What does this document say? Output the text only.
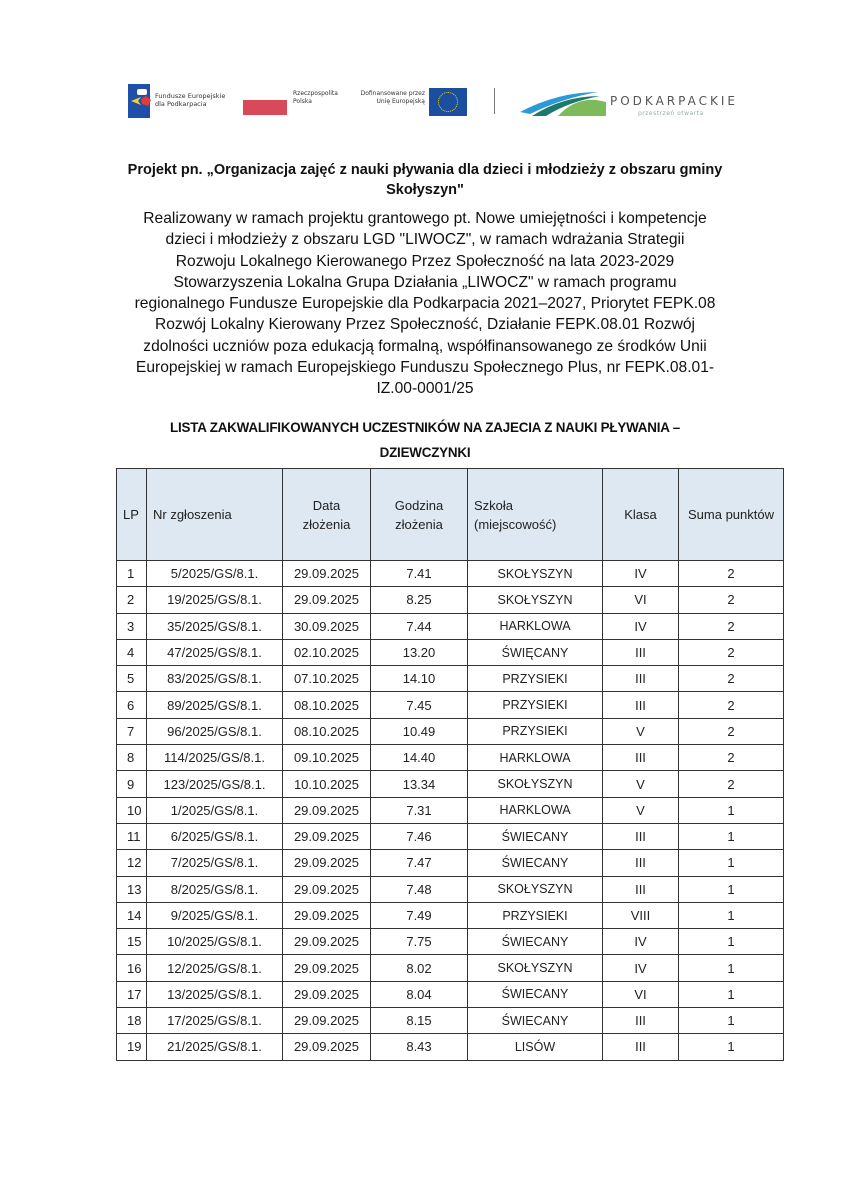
Fundusze Europejskie
dla Podkarpacia
Rzeczpospolita
Polska
Dofinansowane przez
Unię Europejską	PODKARPACKIE
przestrzeń otwarta
Projekt pn. „Organizacja zajęć z nauki pływania dla dzieci i młodzieży z obszaru gminy Skołyszyn"
Realizowany w ramach projektu grantowego pt. Nowe umiejętności i kompetencje
dzieci i młodzieży z obszaru LGD "LIWOCZ", w ramach wdrażania Strategii
Rozwoju Lokalnego Kierowanego Przez Społeczność na lata 2023-2029
Stowarzyszenia Lokalna Grupa Działania „LIWOCZ" w ramach programu
regionalnego Fundusze Europejskie dla Podkarpacia 2021–2027, Priorytet FEPK.08
Rozwój Lokalny Kierowany Przez Społeczność, Działanie FEPK.08.01 Rozwój
zdolności uczniów poza edukacją formalną, współfinansowanego ze środków Unii
Europejskiej w ramach Europejskiego Funduszu Społecznego Plus, nr FEPK.08.01-
IZ.00-0001/25
LISTA ZAKWALIFIKOWANYCH UCZESTNIKÓW NA ZAJECIA Z NAUKI PŁYWANIA –
DZIEWCZYNKI
LP	Nr zgłoszenia	Data złożenia	Godzina złożenia	Szkoła (miejscowość)	Klasa	Suma punktów
1	5/2025/GS/8.1.	29.09.2025	7.41	SKOŁYSZYN	IV	2
2	19/2025/GS/8.1.	29.09.2025	8.25	SKOŁYSZYN	VI	2
3	35/2025/GS/8.1.	30.09.2025	7.44	HARKLOWA	IV	2
4	47/2025/GS/8.1.	02.10.2025	13.20	ŚWIĘCANY	III	2
5	83/2025/GS/8.1.	07.10.2025	14.10	PRZYSIEKI	III	2
6	89/2025/GS/8.1.	08.10.2025	7.45	PRZYSIEKI	III	2
7	96/2025/GS/8.1.	08.10.2025	10.49	PRZYSIEKI	V	2
8	114/2025/GS/8.1.	09.10.2025	14.40	HARKLOWA	III	2
9	123/2025/GS/8.1.	10.10.2025	13.34	SKOŁYSZYN	V	2
10	1/2025/GS/8.1.	29.09.2025	7.31	HARKLOWA	V	1
11	6/2025/GS/8.1.	29.09.2025	7.46	ŚWIECANY	III	1
12	7/2025/GS/8.1.	29.09.2025	7.47	ŚWIECANY	III	1
13	8/2025/GS/8.1.	29.09.2025	7.48	SKOŁYSZYN	III	1
14	9/2025/GS/8.1.	29.09.2025	7.49	PRZYSIEKI	VIII	1
15	10/2025/GS/8.1.	29.09.2025	7.75	ŚWIECANY	IV	1
16	12/2025/GS/8.1.	29.09.2025	8.02	SKOŁYSZYN	IV	1
17	13/2025/GS/8.1.	29.09.2025	8.04	ŚWIECANY	VI	1
18	17/2025/GS/8.1.	29.09.2025	8.15	ŚWIECANY	III	1
19	21/2025/GS/8.1.	29.09.2025	8.43	LISÓW	III	1
